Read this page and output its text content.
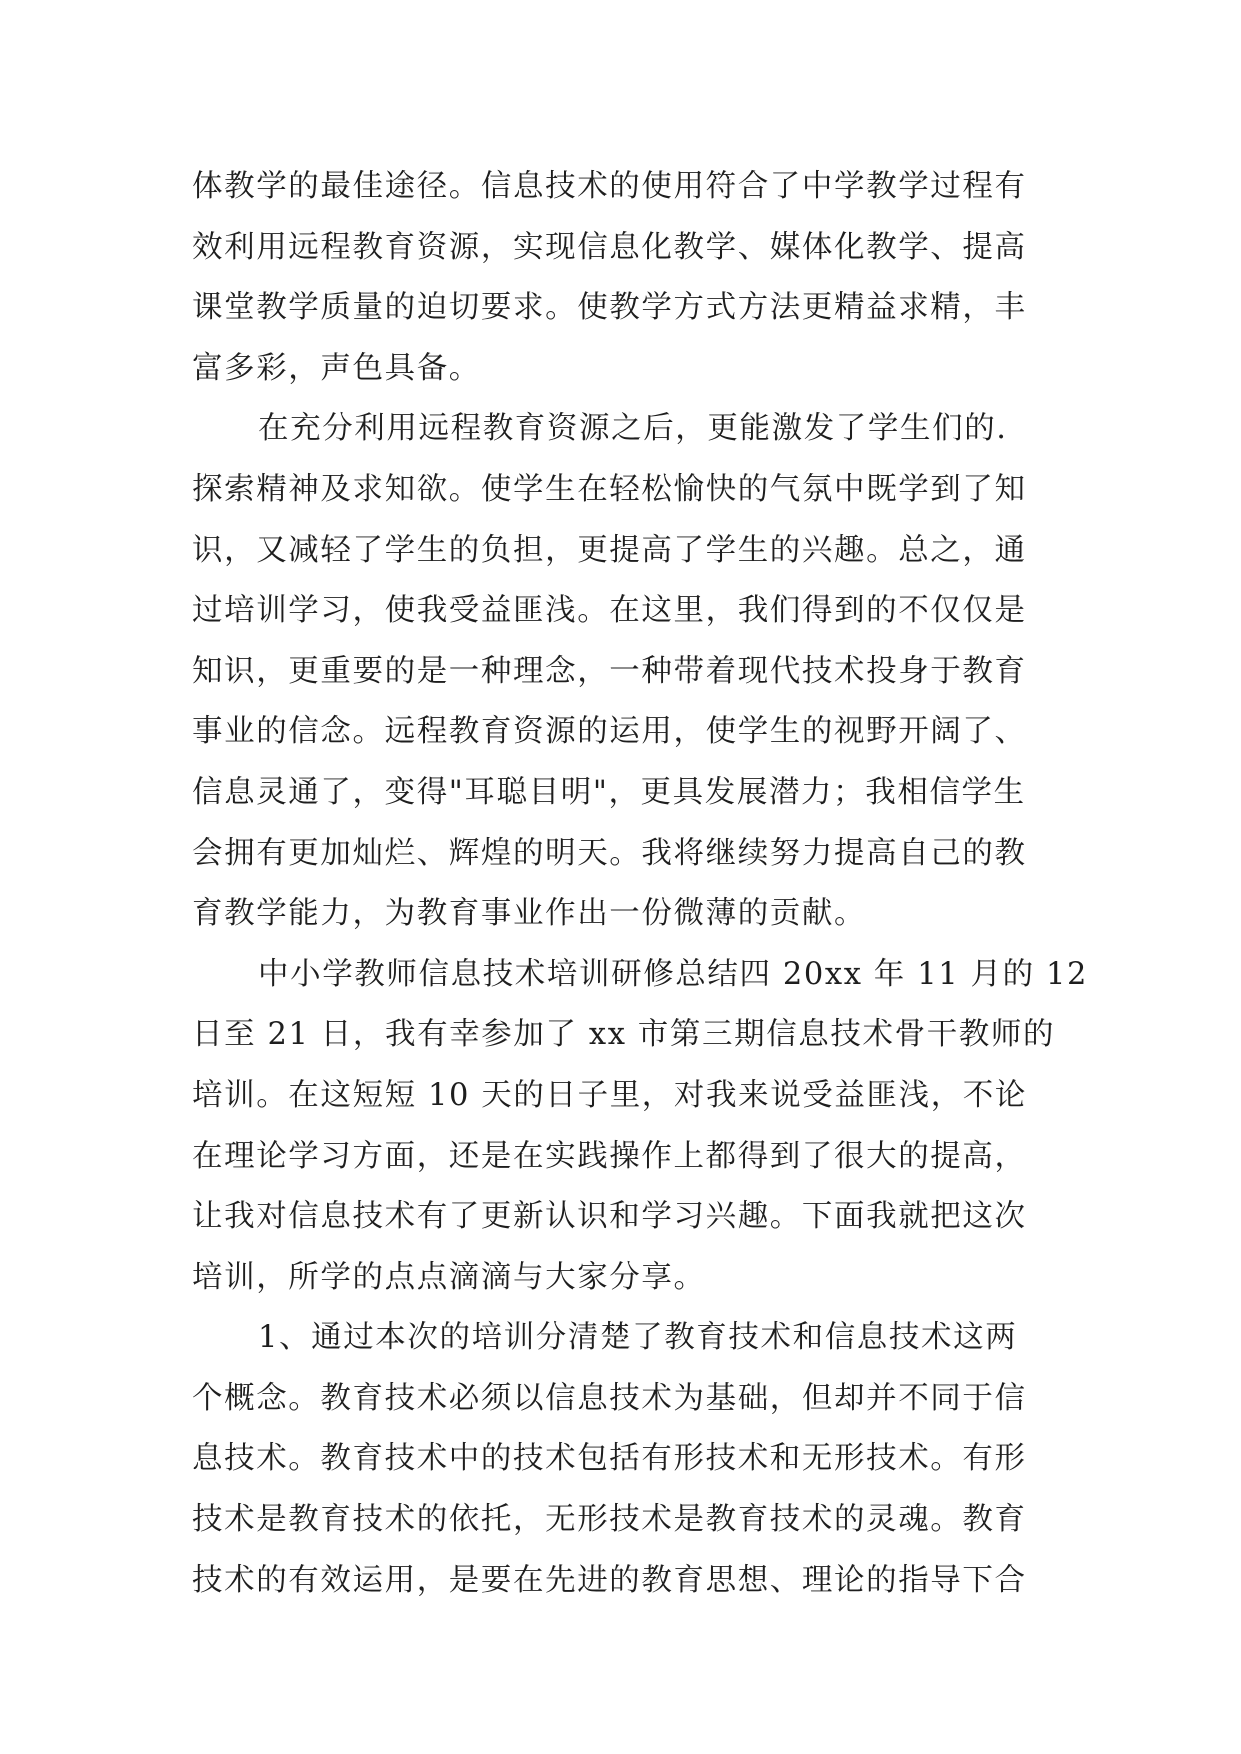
体教学的最佳途径。信息技术的使用符合了中学教学过程有
效利用远程教育资源，实现信息化教学、媒体化教学、提高
课堂教学质量的迫切要求。使教学方式方法更精益求精，丰
富多彩，声色具备。
在充分利用远程教育资源之后，更能激发了学生们的.
探索精神及求知欲。使学生在轻松愉快的气氛中既学到了知
识，又减轻了学生的负担，更提高了学生的兴趣。总之，通
过培训学习，使我受益匪浅。在这里，我们得到的不仅仅是
知识，更重要的是一种理念，一种带着现代技术投身于教育
事业的信念。远程教育资源的运用，使学生的视野开阔了、
信息灵通了，变得"耳聪目明"，更具发展潜力；我相信学生
会拥有更加灿烂、辉煌的明天。我将继续努力提高自己的教
育教学能力，为教育事业作出一份微薄的贡献。
中小学教师信息技术培训研修总结四 20xx 年 11 月的 12
日至 21 日，我有幸参加了 xx 市第三期信息技术骨干教师的
培训。在这短短 10 天的日子里，对我来说受益匪浅，不论
在理论学习方面，还是在实践操作上都得到了很大的提高，
让我对信息技术有了更新认识和学习兴趣。下面我就把这次
培训，所学的点点滴滴与大家分享。
1、通过本次的培训分清楚了教育技术和信息技术这两
个概念。教育技术必须以信息技术为基础，但却并不同于信
息技术。教育技术中的技术包括有形技术和无形技术。有形
技术是教育技术的依托，无形技术是教育技术的灵魂。教育
技术的有效运用，是要在先进的教育思想、理论的指导下合
